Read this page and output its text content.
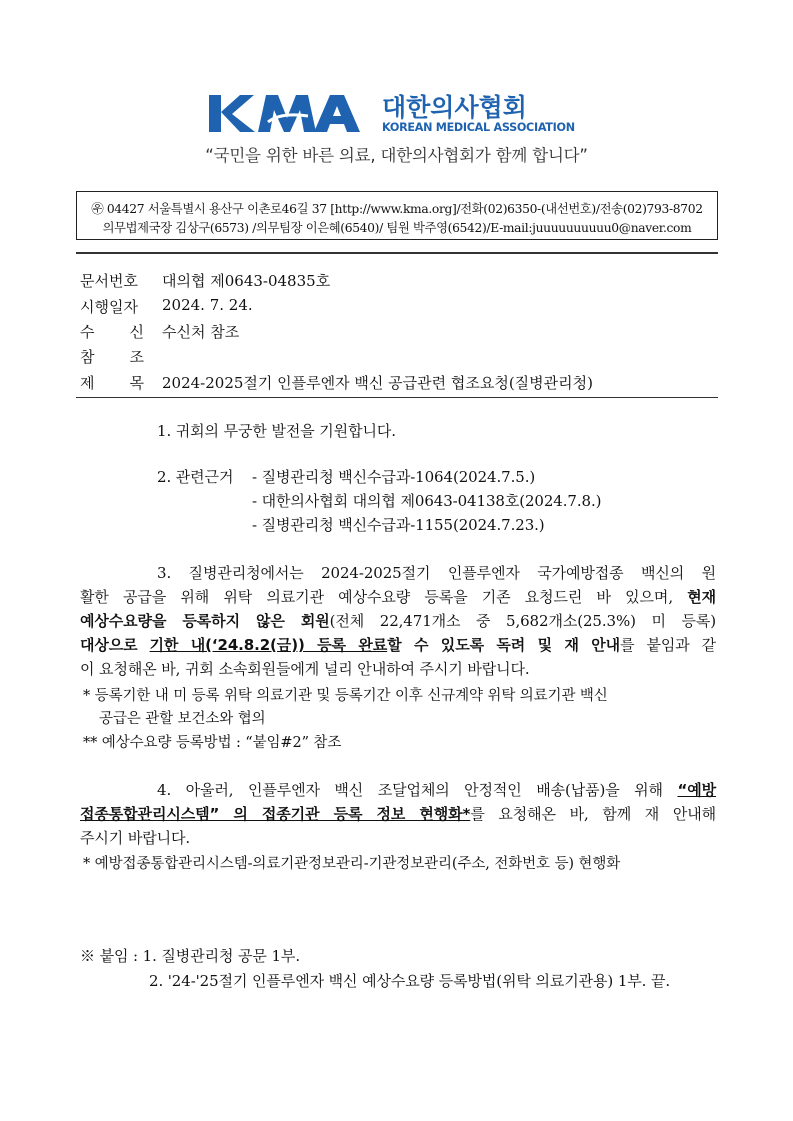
대한의사협회
KOREAN MEDICAL ASSOCIATION
“국민을 위한 바른 의료, 대한의사협회가 함께 합니다”
㉾ 04427 서울특별시 용산구 이촌로46길 37 [http://www.kma.org]/전화(02)6350-(내선번호)/전송(02)793-8702
의무법제국장 김상구(6573) /의무팀장 이은혜(6540)/ 팀원 박주영(6542)/E-mail:juuuuuuuuuu0@naver.com
문서번호	대의협 제0643-04835호
시행일자	2024. 7. 24.
수 신 수신처 참조
참 조
제 목 2024-2025절기 인플루엔자 백신 공급관련 협조요청(질병관리청)
1. 귀회의 무궁한 발전을 기원합니다.
2. 관련근거 - 질병관리청 백신수급과-1064(2024.7.5.)
- 대한의사협회 대의협 제0643-04138호(2024.7.8.)
- 질병관리청 백신수급과-1155(2024.7.23.)
3. 질병관리청에서는 2024-2025절기 인플루엔자 국가예방접종 백신의 원
활한 공급을 위해 위탁 의료기관 예상수요량 등록을 기존 요청드린 바 있으며, 현재
예상수요량을 등록하지 않은 회원(전체 22,471개소 중 5,682개소(25.3%) 미 등록)
대상으로 기한 내(‘24.8.2(금)) 등록 완료할 수 있도록 독려 및 재 안내를 붙임과 같
이 요청해온 바, 귀회 소속회원들에게 널리 안내하여 주시기 바랍니다.
* 등록기한 내 미 등록 위탁 의료기관 및 등록기간 이후 신규계약 위탁 의료기관 백신
공급은 관할 보건소와 협의
** 예상수요량 등록방법 : “붙임#2” 참조
4. 아울러, 인플루엔자 백신 조달업체의 안정적인 배송(납품)을 위해 “예방
접종통합관리시스템” 의 접종기관 등록 정보 현행화*를 요청해온 바, 함께 재 안내해
주시기 바랍니다.
* 예방접종통합관리시스템-의료기관정보관리-기관정보관리(주소, 전화번호 등) 현행화
※ 붙임 : 1. 질병관리청 공문 1부.
2. '24-'25절기 인플루엔자 백신 예상수요량 등록방법(위탁 의료기관용) 1부. 끝.
